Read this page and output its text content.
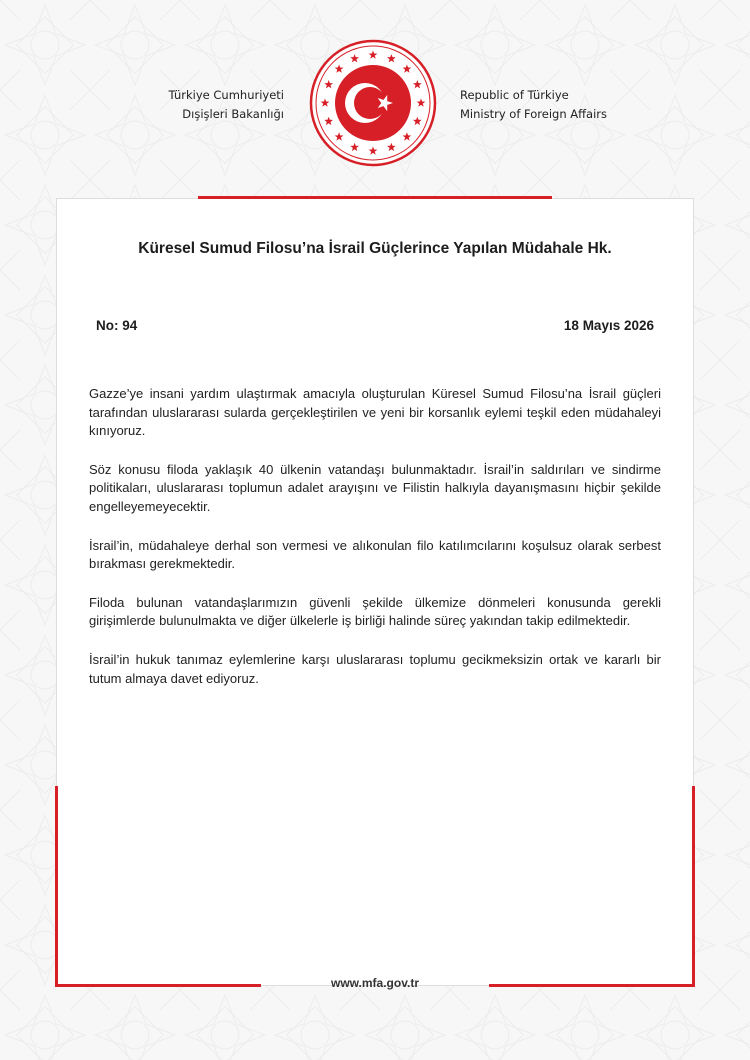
Türkiye Cumhuriyeti
Dışişleri Bakanlığı
Republic of Türkiye
Ministry of Foreign Affairs
Küresel Sumud Filosu’na İsrail Güçlerince Yapılan Müdahale Hk.
No: 94	18 Mayıs 2026

Gazze’ye insani yardım ulaştırmak amacıyla oluşturulan Küresel Sumud Filosu’na İsrail güçleri tarafından uluslararası sularda gerçekleştirilen ve yeni bir korsanlık eylemi teşkil eden müdahaleyi kınıyoruz.

Söz konusu filoda yaklaşık 40 ülkenin vatandaşı bulunmaktadır. İsrail’in saldırıları ve sindirme politikaları, uluslararası toplumun adalet arayışını ve Filistin halkıyla dayanışmasını hiçbir şekilde engelleyemeyecektir.

İsrail’in, müdahaleye derhal son vermesi ve alıkonulan filo katılımcılarını koşulsuz olarak serbest bırakması gerekmektedir.

Filoda bulunan vatandaşlarımızın güvenli şekilde ülkemize dönmeleri konusunda gerekli girişimlerde bulunulmakta ve diğer ülkelerle iş birliği halinde süreç yakından takip edilmektedir.

İsrail’in hukuk tanımaz eylemlerine karşı uluslararası toplumu gecikmeksizin ortak ve kararlı bir tutum almaya davet ediyoruz.

www.mfa.gov.tr
